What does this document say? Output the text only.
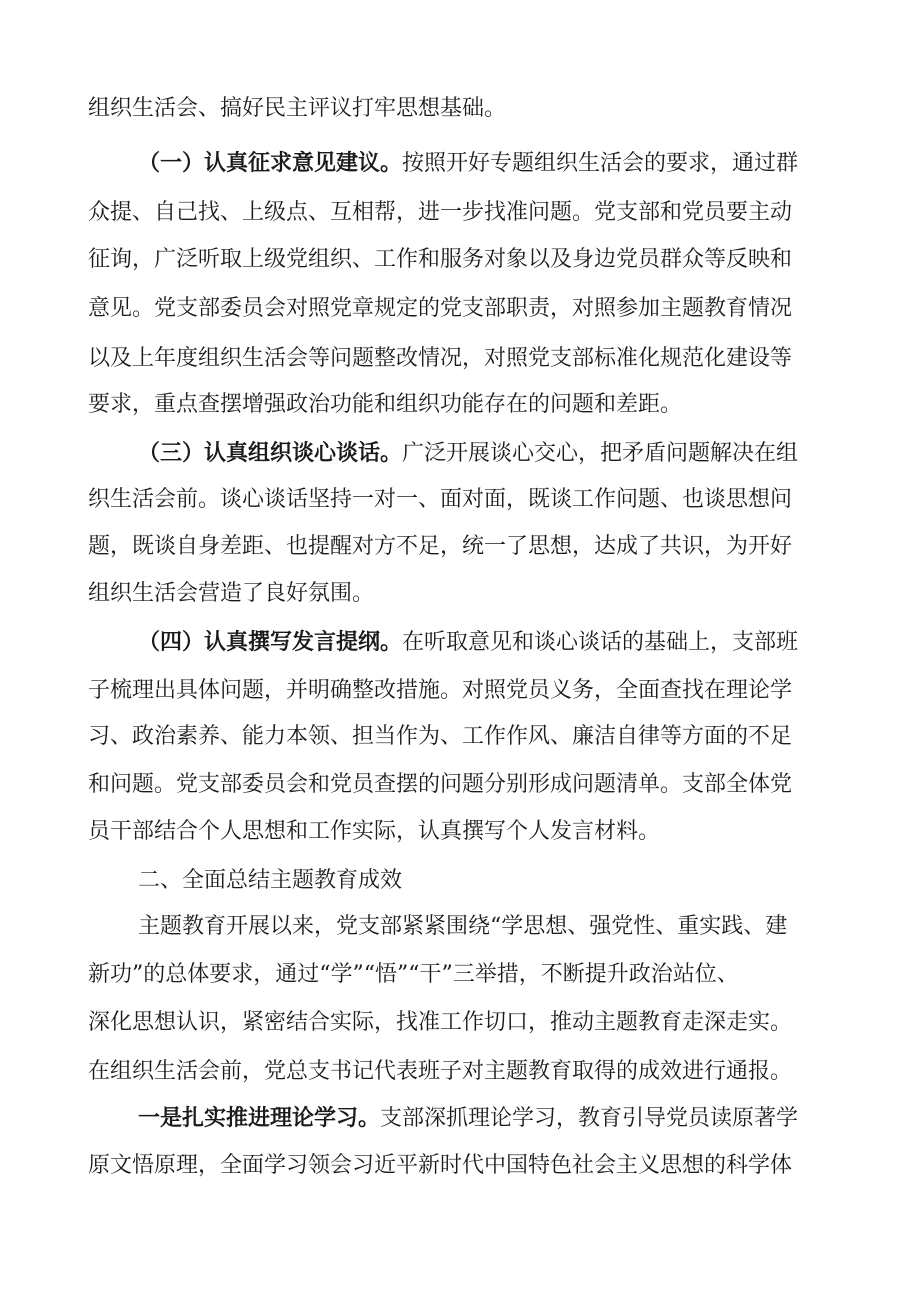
组织生活会、搞好民主评议打牢思想基础。
（一）认真征求意见建议。按照开好专题组织生活会的要求，通过群
众提、自己找、上级点、互相帮，进一步找准问题。党支部和党员要主动
征询，广泛听取上级党组织、工作和服务对象以及身边党员群众等反映和
意见。党支部委员会对照党章规定的党支部职责，对照参加主题教育情况
以及上年度组织生活会等问题整改情况，对照党支部标准化规范化建设等
要求，重点查摆增强政治功能和组织功能存在的问题和差距。
（三）认真组织谈心谈话。广泛开展谈心交心，把矛盾问题解决在组
织生活会前。谈心谈话坚持一对一、面对面，既谈工作问题、也谈思想问
题，既谈自身差距、也提醒对方不足，统一了思想，达成了共识，为开好
组织生活会营造了良好氛围。
（四）认真撰写发言提纲。在听取意见和谈心谈话的基础上，支部班
子梳理出具体问题，并明确整改措施。对照党员义务，全面查找在理论学
习、政治素养、能力本领、担当作为、工作作风、廉洁自律等方面的不足
和问题。党支部委员会和党员查摆的问题分别形成问题清单。支部全体党
员干部结合个人思想和工作实际，认真撰写个人发言材料。
二、全面总结主题教育成效
主题教育开展以来，党支部紧紧围绕“学思想、强党性、重实践、建
新功”的总体要求，通过“学”“悟”“干”三举措，不断提升政治站位、
深化思想认识，紧密结合实际，找准工作切口，推动主题教育走深走实。
在组织生活会前，党总支书记代表班子对主题教育取得的成效进行通报。
一是扎实推进理论学习。支部深抓理论学习，教育引导党员读原著学
原文悟原理，全面学习领会习近平新时代中国特色社会主义思想的科学体
